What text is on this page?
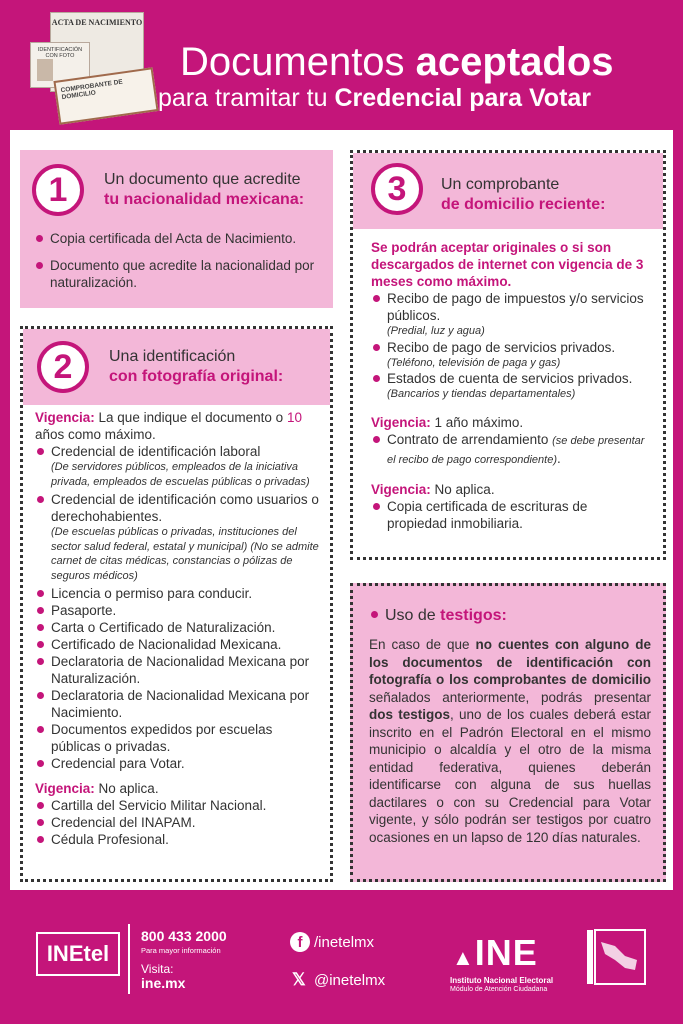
ACTA DE NACIMIENTO
IDENTIFICACIÓN CON FOTO
COMPROBANTE DE DOMICILIO
Documentos aceptados
para tramitar tu Credencial para Votar
1	Un documento que acredite
tu nacionalidad mexicana:
Copia certificada del Acta de Nacimiento.
Documento que acredite la nacionalidad por naturalización.
2	Una identificación
con fotografía original:
Vigencia: La que indique el documento o 10 años como máximo.
Credencial de identificación laboral
(De servidores públicos, empleados de la iniciativa privada, empleados de escuelas públicas o privadas)
Credencial de identificación como usuarios o derechohabientes.
(De escuelas públicas o privadas, instituciones del sector salud federal, estatal y municipal) (No se admite carnet de citas médicas, constancias o pólizas de seguros médicos)
Licencia o permiso para conducir.
Pasaporte.
Carta o Certificado de Naturalización.
Certificado de Nacionalidad Mexicana.
Declaratoria de Nacionalidad Mexicana por Naturalización.
Declaratoria de Nacionalidad Mexicana por Nacimiento.
Documentos expedidos por escuelas públicas o privadas.
Credencial para Votar.
Vigencia: No aplica.
Cartilla del Servicio Militar Nacional.
Credencial del INAPAM.
Cédula Profesional.
3	Un comprobante
de domicilio reciente:
Se podrán aceptar originales o si son descargados de internet con vigencia de 3 meses como máximo.
Recibo de pago de impuestos y/o servicios públicos.
(Predial, luz y agua)
Recibo de pago de servicios privados.
(Teléfono, televisión de paga y gas)
Estados de cuenta de servicios privados.
(Bancarios y tiendas departamentales)
Vigencia: 1 año máximo.
Contrato de arrendamiento (se debe presentar el recibo de pago correspondiente).
Vigencia: No aplica.
Copia certificada de escrituras de propiedad inmobiliaria.
Uso de testigos:
En caso de que no cuentes con alguno de los documentos de identificación con fotografía o los comprobantes de domicilio señalados anteriormente, podrás presentar dos testigos, uno de los cuales deberá estar inscrito en el Padrón Electoral en el mismo municipio o alcaldía y el otro de la misma entidad federativa, quienes deberán identificarse con alguna de sus huellas dactilares o con su Credencial para Votar vigente, y sólo podrán ser testigos por cuatro ocasiones en un lapso de 120 días naturales.
INEtel
800 433 2000
Para mayor información
Visita:
ine.mx
f /inetelmx
𝕏 @inetelmx
▲INE
Instituto Nacional Electoral
Módulo de Atención Ciudadana
